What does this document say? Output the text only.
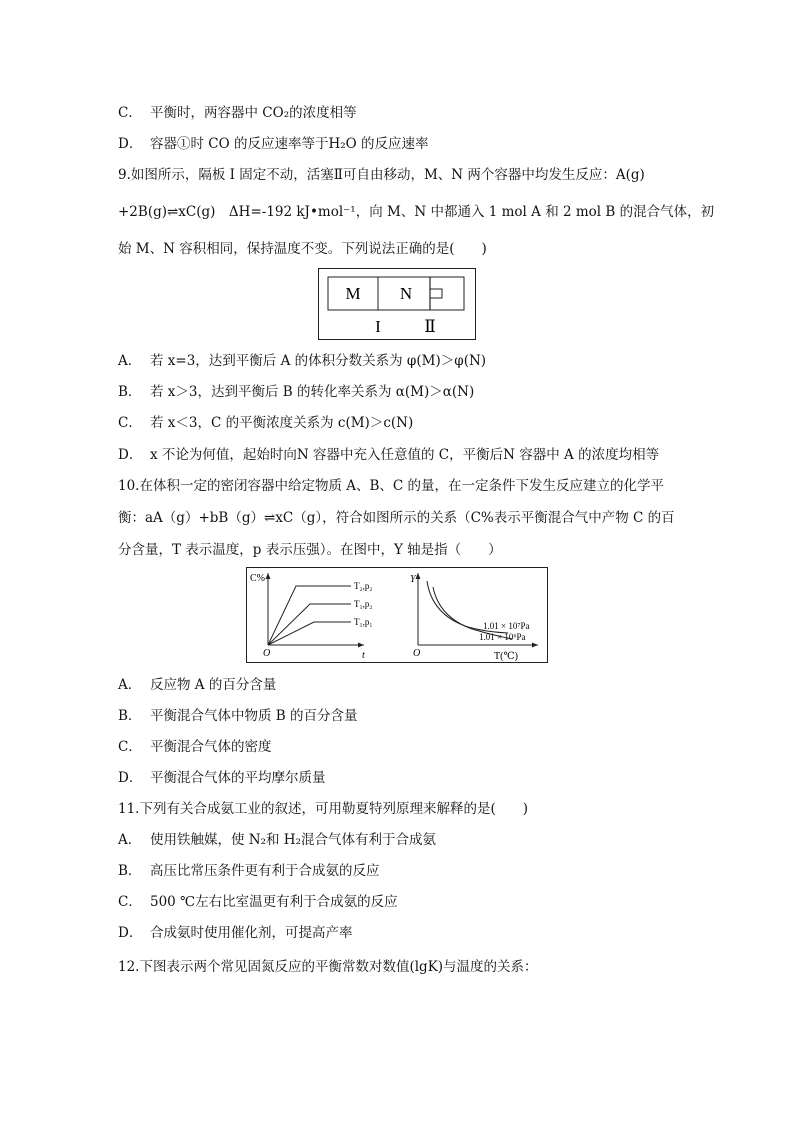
C． 平衡时，两容器中 CO₂的浓度相等
D． 容器①时 CO 的反应速率等于H₂O 的反应速率
9.如图所示，隔板 I 固定不动，活塞Ⅱ可自由移动，M、N 两个容器中均发生反应：A(g)
+2B(g)⇌xC(g)　ΔH=-192 kJ•mol⁻¹，向 M、N 中都通入 1 mol A 和 2 mol B 的混合气体，初
始 M、N 容积相同，保持温度不变。下列说法正确的是(　　)
M N
I	Ⅱ
A． 若 x=3，达到平衡后 A 的体积分数关系为 φ(M)＞φ(N)
B． 若 x＞3，达到平衡后 B 的转化率关系为 α(M)＞α(N)
C． 若 x＜3，C 的平衡浓度关系为 c(M)＞c(N)
D． x 不论为何值，起始时向N 容器中充入任意值的 C，平衡后N 容器中 A 的浓度均相等
10.在体积一定的密闭容器中给定物质 A、B、C 的量，在一定条件下发生反应建立的化学平
衡：aA（g）+bB（g）⇌xC（g），符合如图所示的关系（C%表示平衡混合气中产物 C 的百
分含量，T 表示温度，p 表示压强）。在图中，Y 轴是指（　　）
C%
t
O
T₂,p₂
T₁,p₂
T₁,p₁
Y
T(℃)
O
1.01 × 10⁷Pa
1.01 × 10⁶Pa
A． 反应物 A 的百分含量
B． 平衡混合气体中物质 B 的百分含量
C． 平衡混合气体的密度
D． 平衡混合气体的平均摩尔质量
11.下列有关合成氨工业的叙述，可用勒夏特列原理来解释的是(　　)
A． 使用铁触媒，使 N₂和 H₂混合气体有利于合成氨
B． 高压比常压条件更有利于合成氨的反应
C． 500 ℃左右比室温更有利于合成氨的反应
D． 合成氨时使用催化剂，可提高产率
12.下图表示两个常见固氮反应的平衡常数对数值(lgK)与温度的关系：
